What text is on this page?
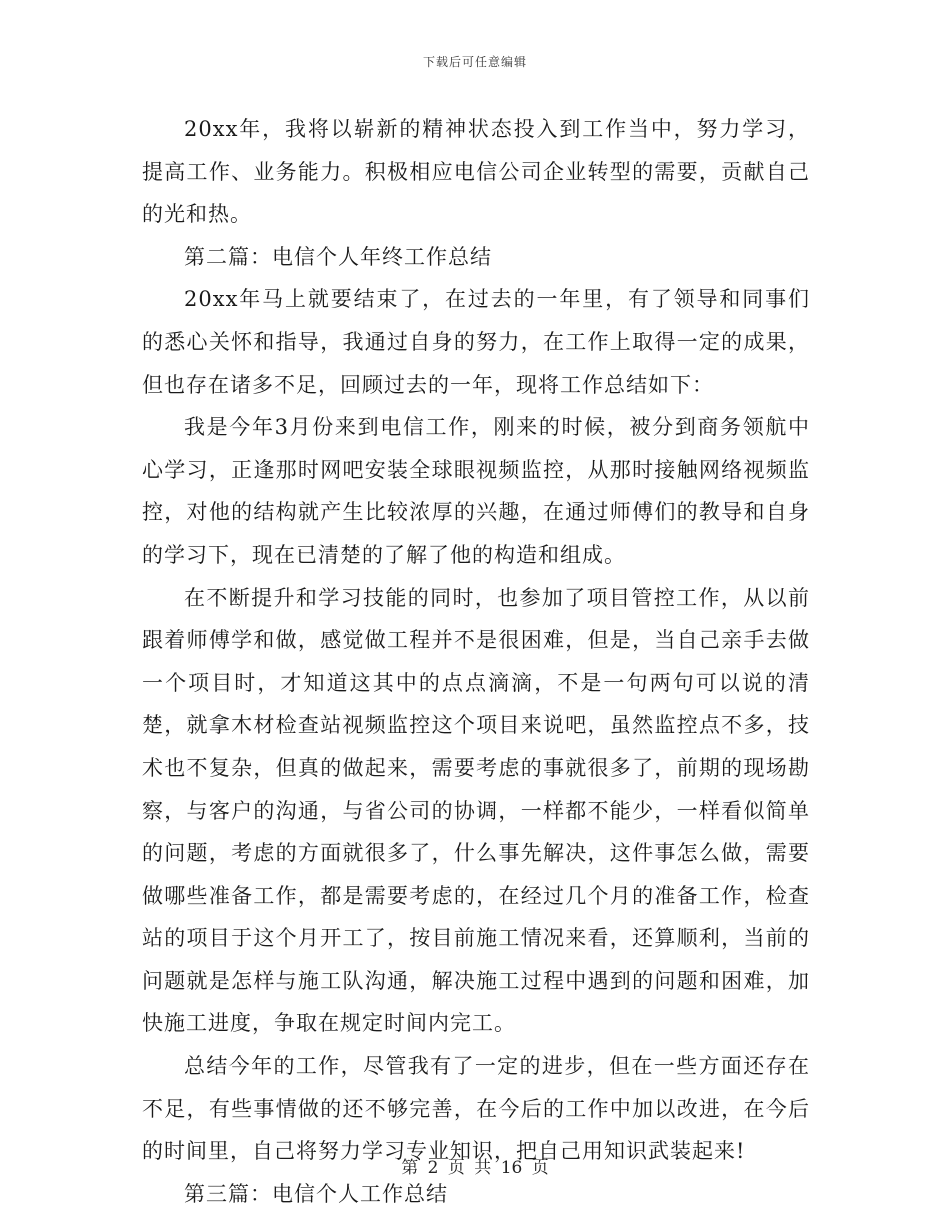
下载后可任意编辑

20xx年，我将以崭新的精神状态投入到工作当中，努力学习，提高工作、业务能力。积极相应电信公司企业转型的需要，贡献自己的光和热。

第二篇：电信个人年终工作总结

20xx年马上就要结束了，在过去的一年里，有了领导和同事们的悉心关怀和指导，我通过自身的努力，在工作上取得一定的成果，但也存在诸多不足，回顾过去的一年，现将工作总结如下：

我是今年3月份来到电信工作，刚来的时候，被分到商务领航中心学习，正逢那时网吧安装全球眼视频监控，从那时接触网络视频监控，对他的结构就产生比较浓厚的兴趣，在通过师傅们的教导和自身的学习下，现在已清楚的了解了他的构造和组成。

在不断提升和学习技能的同时，也参加了项目管控工作，从以前跟着师傅学和做，感觉做工程并不是很困难，但是，当自己亲手去做一个项目时，才知道这其中的点点滴滴，不是一句两句可以说的清楚，就拿木材检查站视频监控这个项目来说吧，虽然监控点不多，技术也不复杂，但真的做起来，需要考虑的事就很多了，前期的现场勘察，与客户的沟通，与省公司的协调，一样都不能少，一样看似简单的问题，考虑的方面就很多了，什么事先解决，这件事怎么做，需要做哪些准备工作，都是需要考虑的，在经过几个月的准备工作，检查站的项目于这个月开工了，按目前施工情况来看，还算顺利，当前的问题就是怎样与施工队沟通，解决施工过程中遇到的问题和困难，加快施工进度，争取在规定时间内完工。

总结今年的工作，尽管我有了一定的进步，但在一些方面还存在不足，有些事情做的还不够完善，在今后的工作中加以改进，在今后的时间里，自己将努力学习专业知识，把自己用知识武装起来!

第三篇：电信个人工作总结

第 2 页 共 16 页
